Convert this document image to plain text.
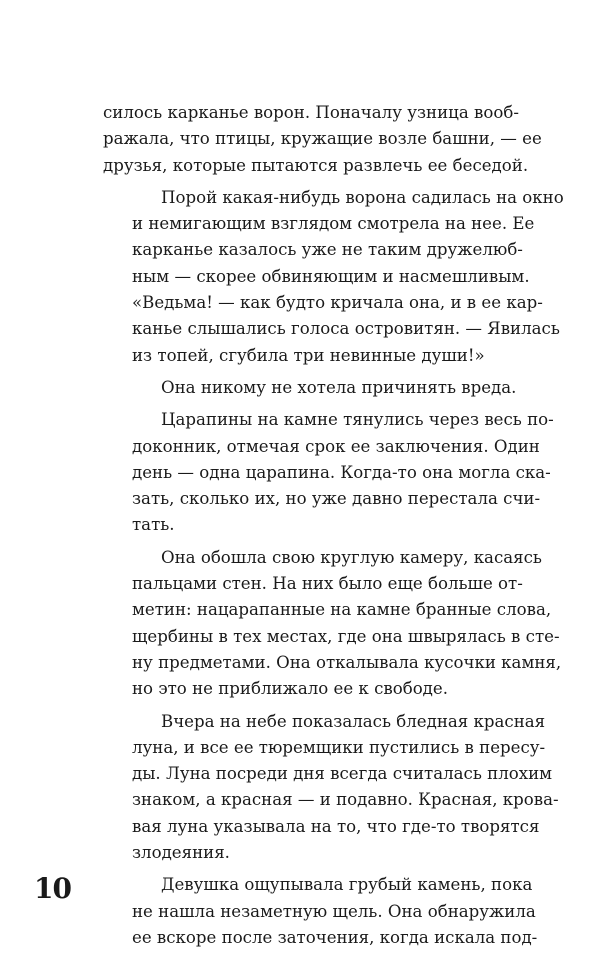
силось карканье ворон. Поначалу узница вооб-
ражала, что птицы, кружащие возле башни, — ее
друзья, которые пытаются развлечь ее беседой.
Порой какая-нибудь ворона садилась на окно
и немигающим взглядом смотрела на нее. Ее
карканье казалось уже не таким дружелюб-
ным — скорее обвиняющим и насмешливым.
«Ведьма! — как будто кричала она, и в ее кар-
канье слышались голоса островитян. — Явилась
из топей, сгубила три невинные души!»
Она никому не хотела причинять вреда.
Царапины на камне тянулись через весь по-
доконник, отмечая срок ее заключения. Один
день — одна царапина. Когда-то она могла ска-
зать, сколько их, но уже давно перестала счи-
тать.
Она обошла свою круглую камеру, касаясь
пальцами стен. На них было еще больше от-
метин: нацарапанные на камне бранные слова,
щербины в тех местах, где она швырялась в сте-
ну предметами. Она откалывала кусочки камня,
но это не приближало ее к свободе.
Вчера на небе показалась бледная красная
луна, и все ее тюремщики пустились в пересу-
ды. Луна посреди дня всегда считалась плохим
знаком, а красная — и подавно. Красная, крова-
вая луна указывала на то, что где-то творятся
злодеяния.
Девушка ощупывала грубый камень, пока
не нашла незаметную щель. Она обнаружила
ее вскоре после заточения, когда искала под-
10
